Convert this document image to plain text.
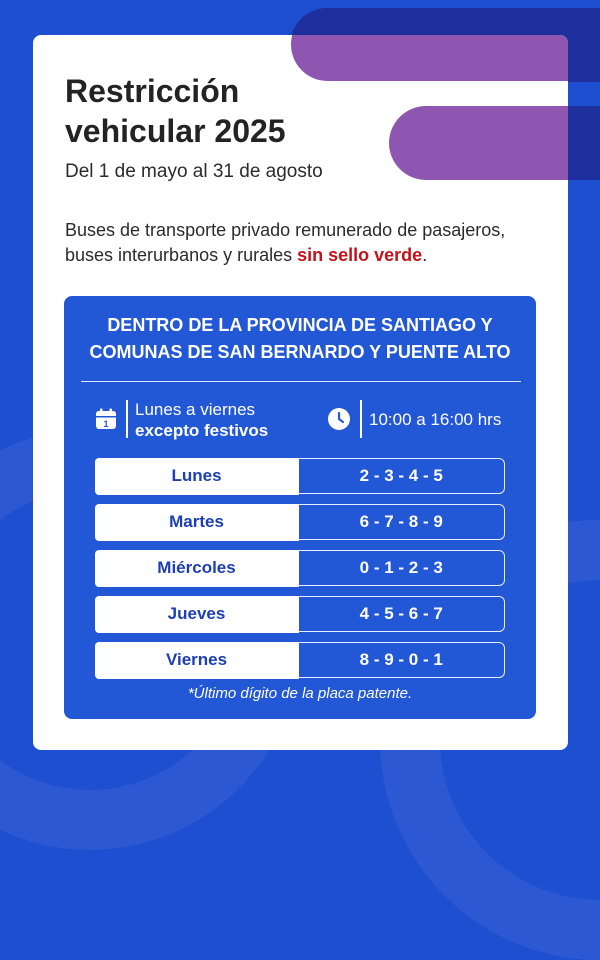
Restricción vehicular 2025
Del 1 de mayo al 31 de agosto
Buses de transporte privado remunerado de pasajeros, buses interurbanos y rurales sin sello verde.
DENTRO DE LA PROVINCIA DE SANTIAGO Y
COMUNAS DE SAN BERNARDO Y PUENTE ALTO
1
Lunes a viernes
excepto festivos
10:00 a 16:00 hrs
Lunes	2 - 3 - 4 - 5
Martes	6 - 7 - 8 - 9
Miércoles	0 - 1 - 2 - 3
Jueves	4 - 5 - 6 - 7
Viernes	8 - 9 - 0 - 1
*Último dígito de la placa patente.
